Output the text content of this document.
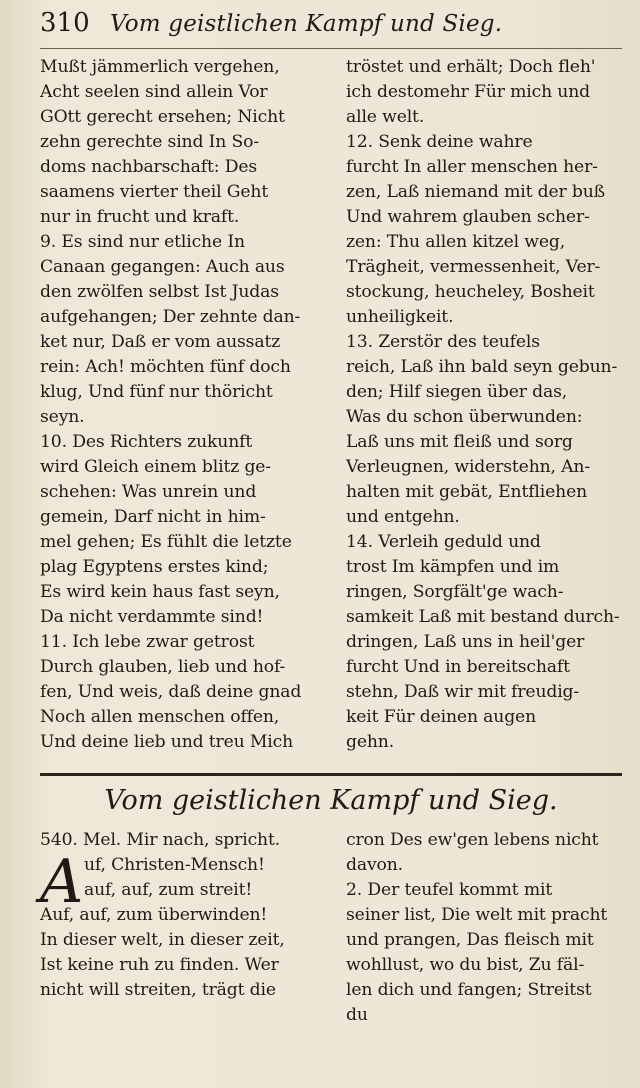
310 Vom geistlichen Kampf und Sieg.
Mußt jämmerlich vergehen,
Acht seelen sind allein Vor
GOtt gerecht ersehen; Nicht
zehn gerechte sind In So-
doms nachbarschaft: Des
saamens vierter theil Geht
nur in frucht und kraft.
9. Es sind nur etliche In
Canaan gegangen: Auch aus
den zwölfen selbst Ist Judas
aufgehangen; Der zehnte dan-
ket nur, Daß er vom aussatz
rein: Ach! möchten fünf doch
klug, Und fünf nur thöricht
seyn.
10. Des Richters zukunft
wird Gleich einem blitz ge-
schehen: Was unrein und
gemein, Darf nicht in him-
mel gehen; Es fühlt die letzte
plag Egyptens erstes kind;
Es wird kein haus fast seyn,
Da nicht verdammte sind!
11. Ich lebe zwar getrost
Durch glauben, lieb und hof-
fen, Und weis, daß deine gnad
Noch allen menschen offen,
Und deine lieb und treu Mich
tröstet und erhält; Doch fleh'
ich destomehr Für mich und
alle welt.
12. Senk deine wahre
furcht In aller menschen her-
zen, Laß niemand mit der buß
Und wahrem glauben scher-
zen: Thu allen kitzel weg,
Trägheit, vermessenheit, Ver-
stockung, heucheley, Bosheit
unheiligkeit.
13. Zerstör des teufels
reich, Laß ihn bald seyn gebun-
den; Hilf siegen über das,
Was du schon überwunden:
Laß uns mit fleiß und sorg
Verleugnen, widerstehn, An-
halten mit gebät, Entfliehen
und entgehn.
14. Verleih geduld und
trost Im kämpfen und im
ringen, Sorgfält'ge wach-
samkeit Laß mit bestand durch-
dringen, Laß uns in heil'ger
furcht Und in bereitschaft
stehn, Daß wir mit freudig-
keit Für deinen augen
gehn.
Vom geistlichen Kampf und Sieg.
A
540. Mel. Mir nach, spricht.
uf, Christen-Mensch!
auf, auf, zum streit!
Auf, auf, zum überwinden!
In dieser welt, in dieser zeit,
Ist keine ruh zu finden. Wer
nicht will streiten, trägt die
cron Des ew'gen lebens nicht
davon.
2. Der teufel kommt mit
seiner list, Die welt mit pracht
und prangen, Das fleisch mit
wohllust, wo du bist, Zu fäl-
len dich und fangen; Streitst
du
